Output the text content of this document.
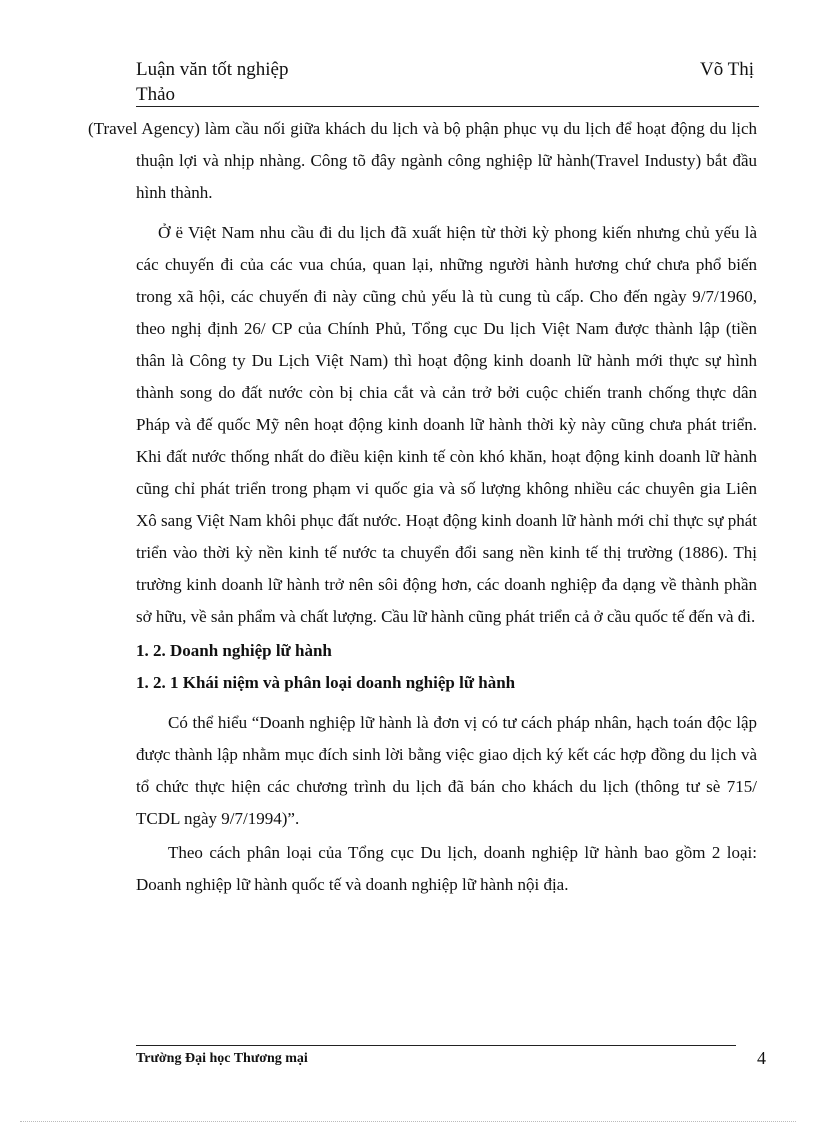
Luận văn tốt nghiệp	Võ Thị
Thảo

(Travel Agency) làm cầu nối giữa khách du lịch và bộ phận phục vụ du lịch để hoạt động du lịch thuận lợi và nhịp nhàng. Công tõ đây ngành công nghiệp lữ hành(Travel Industy) bắt đầu hình thành.

Ở ë Việt Nam nhu cầu đi du lịch đã xuất hiện từ thời kỳ phong kiến nhưng chủ yếu là các chuyến đi của các vua chúa, quan lại, những người hành hương chứ chưa phổ biến trong xã hội, các chuyến đi này cũng chủ yếu là tù cung tù cấp. Cho đến ngày 9/7/1960, theo nghị định 26/ CP của Chính Phủ, Tổng cục Du lịch Việt Nam được thành lập (tiền thân là Công ty Du Lịch Việt Nam) thì hoạt động kinh doanh lữ hành mới thực sự hình thành song do đất nước còn bị chia cắt và cản trở bởi cuộc chiến tranh chống thực dân Pháp và đế quốc Mỹ nên hoạt động kinh doanh lữ hành thời kỳ này cũng chưa phát triển. Khi đất nước thống nhất do điều kiện kinh tế còn khó khăn, hoạt động kinh doanh lữ hành cũng chỉ phát triển trong phạm vi quốc gia và số lượng không nhiều các chuyên gia Liên Xô sang Việt Nam khôi phục đất nước. Hoạt động kinh doanh lữ hành mới chỉ thực sự phát triển vào thời kỳ nền kinh tế nước ta chuyển đổi sang nền kinh tế thị trường (1886). Thị trường kinh doanh lữ hành trở nên sôi động hơn, các doanh nghiệp đa dạng về thành phần sở hữu, về sản phẩm và chất lượng. Cầu lữ hành cũng phát triển cả ở cầu quốc tế đến và đi.

1. 2. Doanh nghiệp lữ hành

1. 2. 1 Khái niệm và phân loại doanh nghiệp lữ hành

Có thể hiểu “Doanh nghiệp lữ hành là đơn vị có tư cách pháp nhân, hạch toán độc lập được thành lập nhằm mục đích sinh lời bằng việc giao dịch ký kết các hợp đồng du lịch và tổ chức thực hiện các chương trình du lịch đã bán cho khách du lịch (thông tư sè 715/ TCDL ngày 9/7/1994)”.

Theo cách phân loại của Tổng cục Du lịch, doanh nghiệp lữ hành bao gồm 2 loại: Doanh nghiệp lữ hành quốc tế và doanh nghiệp lữ hành nội địa.

Trường Đại học Thương mại	4
